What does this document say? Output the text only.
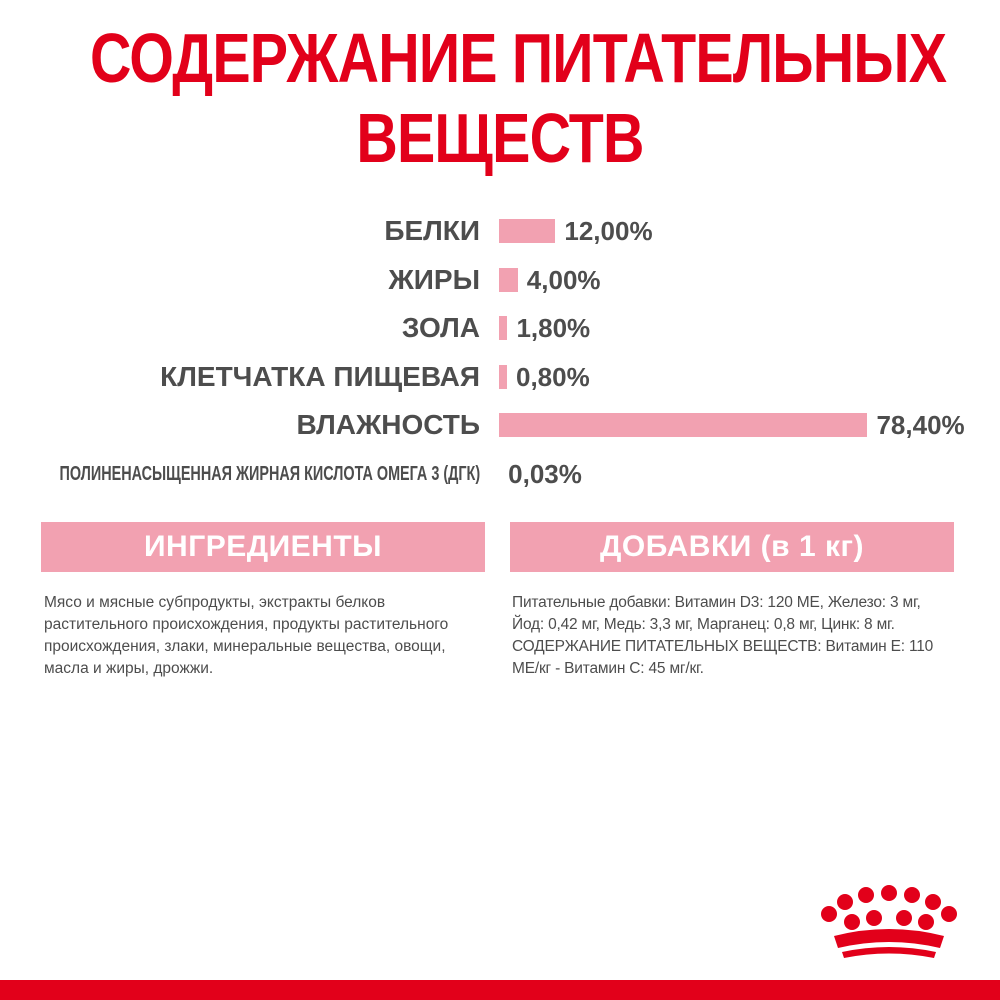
СОДЕРЖАНИЕ ПИТАТЕЛЬНЫХ
ВЕЩЕСТВ
БЕЛКИ	12,00%
ЖИРЫ 4,00%
ЗОЛА 1,80%
КЛЕТЧАТКА ПИЩЕВАЯ 0,80%
ВЛАЖНОСТЬ	78,40%
ПОЛИНЕНАСЫЩЕННАЯ ЖИРНАЯ КИСЛОТА ОМЕГА 3 (ДГК) 0,03%
ИНГРЕДИЕНТЫ	ДОБАВКИ (в 1 кг)
Мясо и мясные субпродукты, экстракты белков
растительного происхождения, продукты растительного
происхождения, злаки, минеральные вещества, овощи,
масла и жиры, дрожжи.
Питательные добавки: Витамин D3: 120 МЕ, Железо: 3 мг,
Йод: 0,42 мг, Медь: 3,3 мг, Марганец: 0,8 мг, Цинк: 8 мг.
СОДЕРЖАНИЕ ПИТАТЕЛЬНЫХ ВЕЩЕСТВ: Витамин Е: 110
МЕ/кг - Витамин С: 45 мг/кг.
